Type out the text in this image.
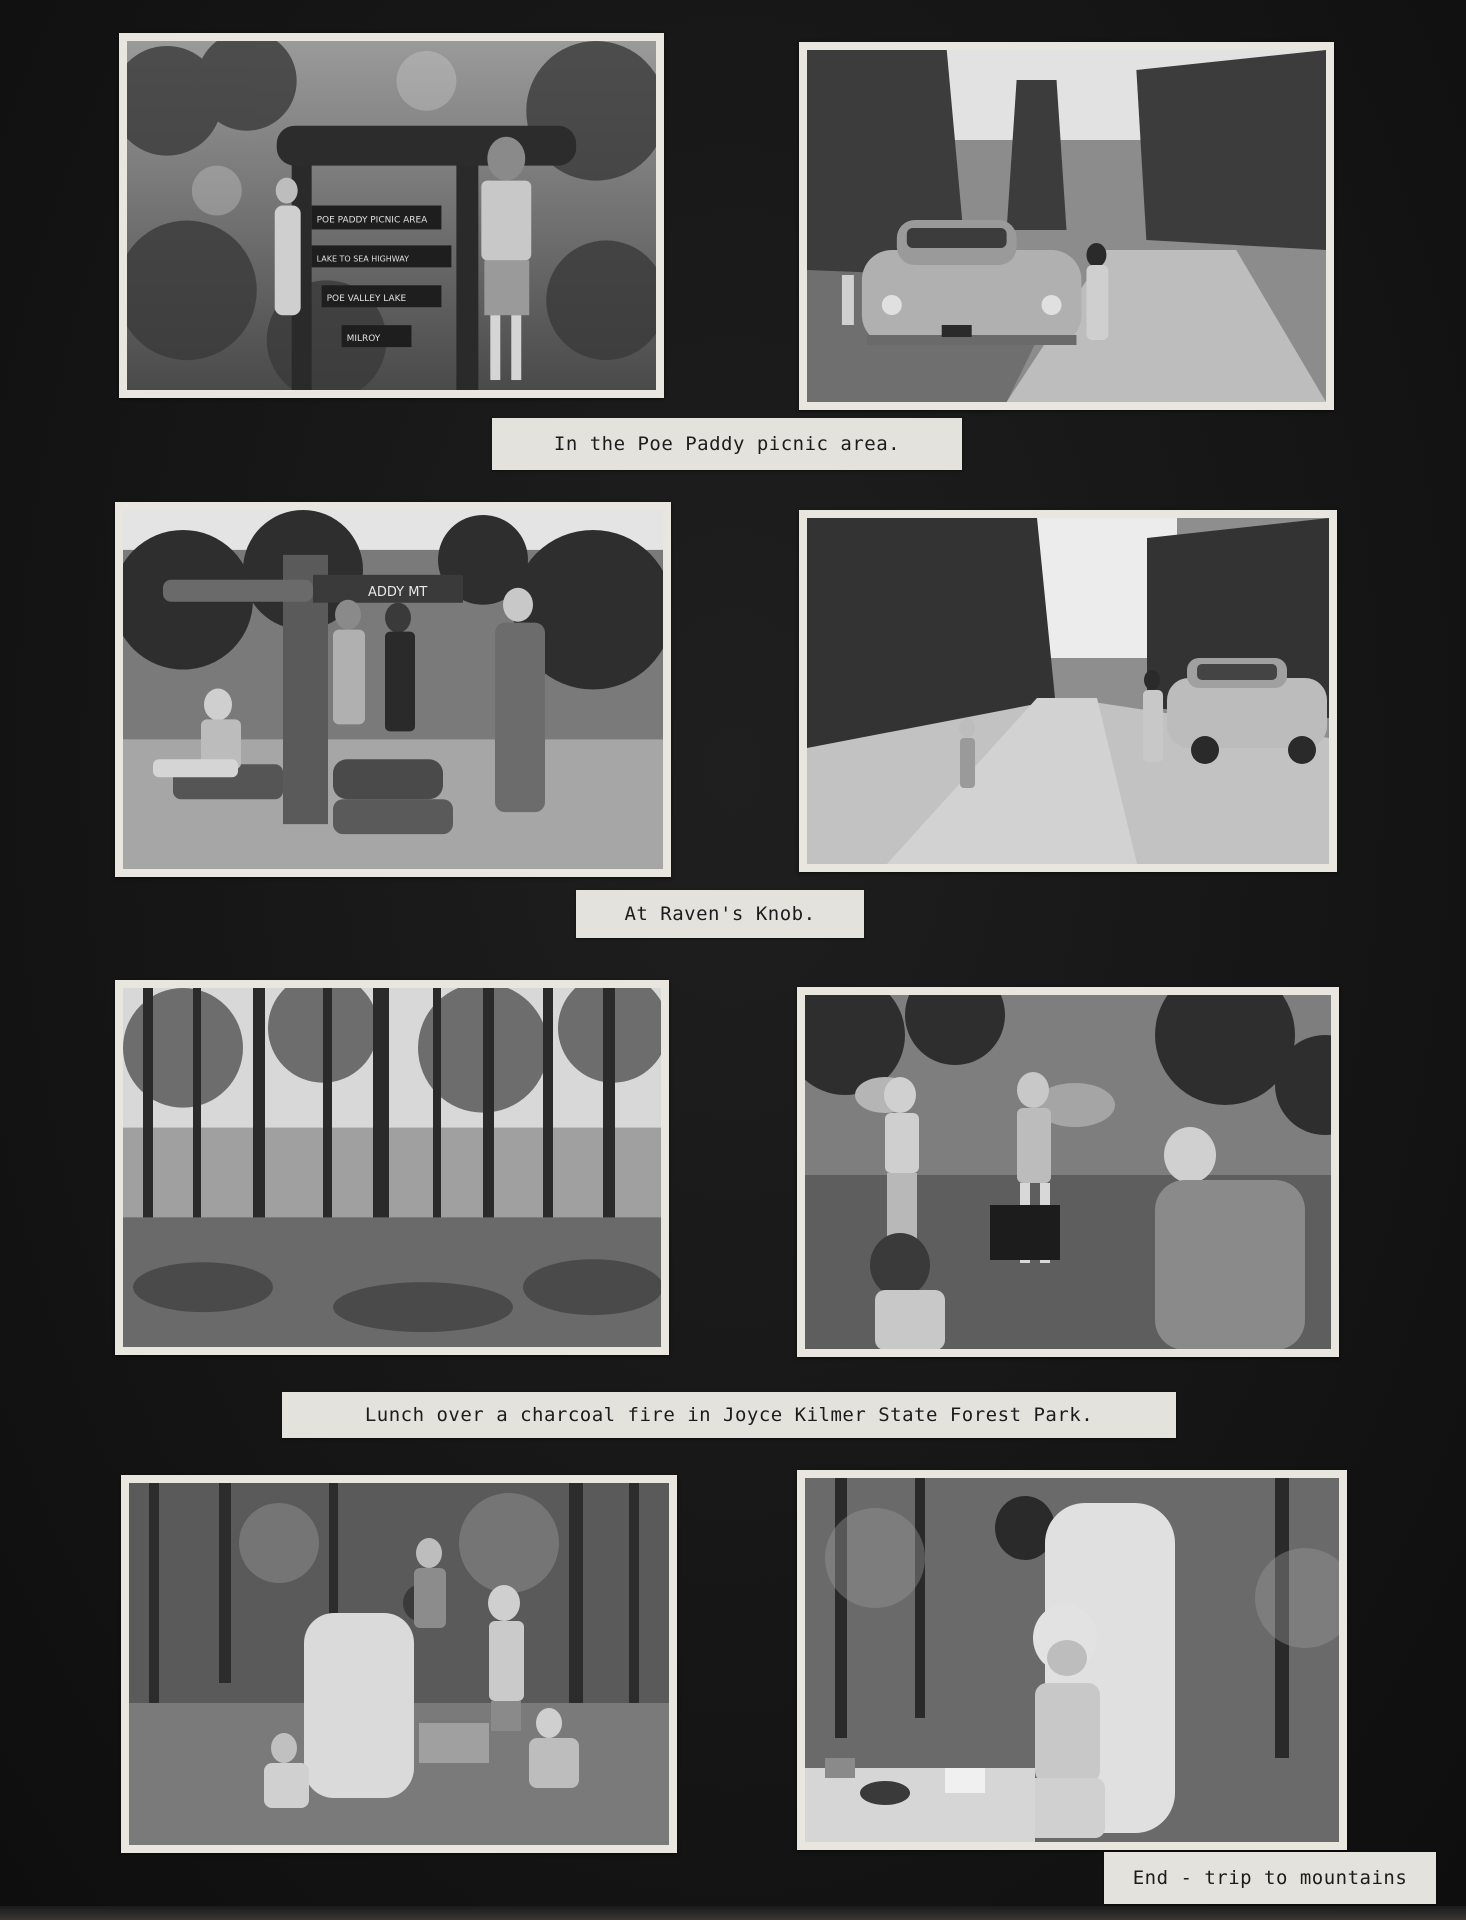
POE PADDY PICNIC AREA
LAKE TO SEA HIGHWAY
POE VALLEY LAKE
MILROY
In the Poe Paddy picnic area.
ADDY MT
At Raven's Knob.
Lunch over a charcoal fire in Joyce Kilmer State Forest Park.
End - trip to mountains
